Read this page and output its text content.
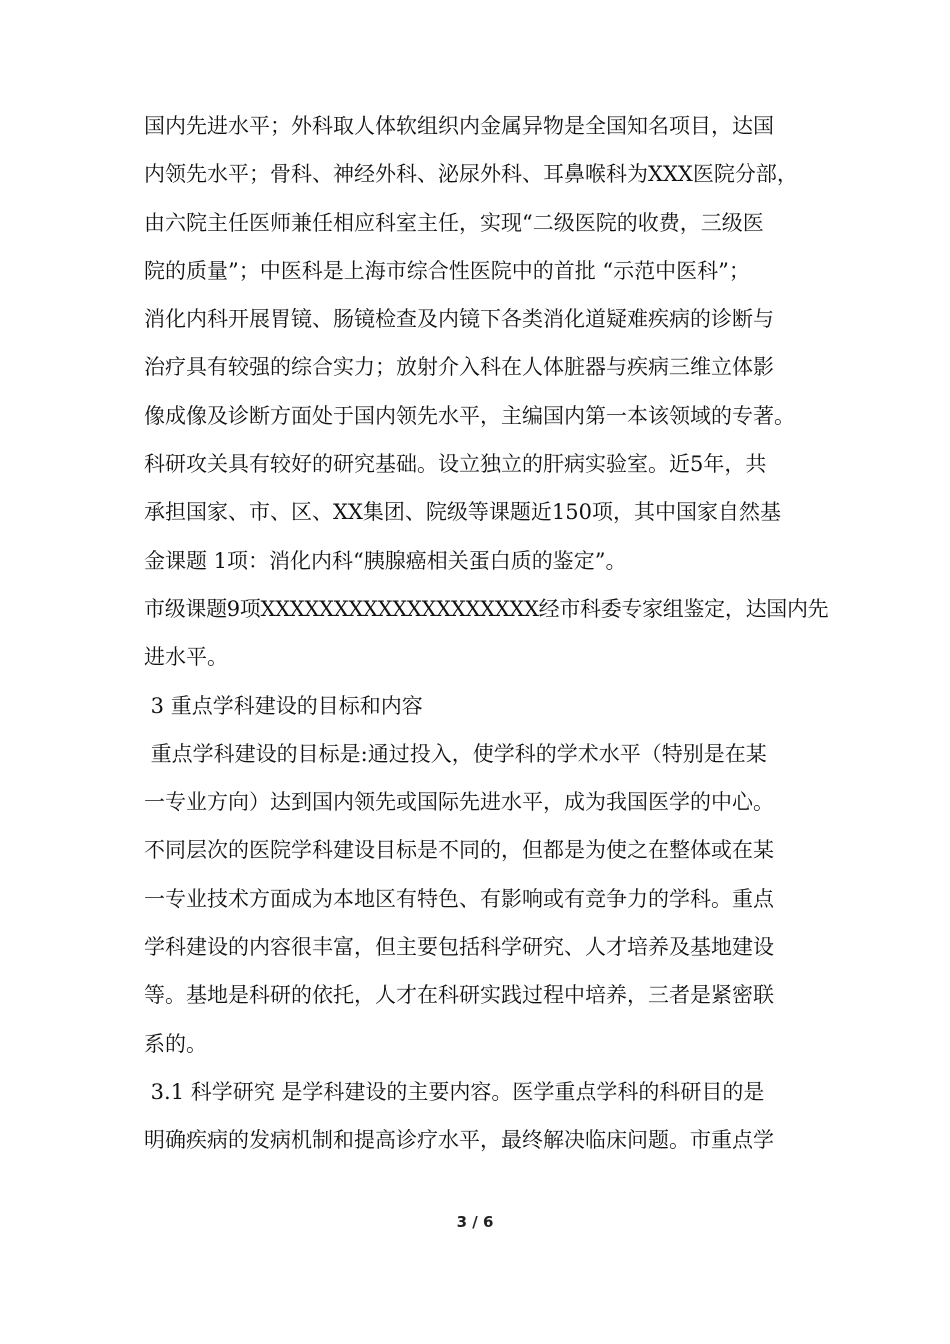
国内先进水平；外科取人体软组织内金属异物是全国知名项目，达国
内领先水平；骨科、神经外科、泌尿外科、耳鼻喉科为XXX医院分部，
由六院主任医师兼任相应科室主任，实现“二级医院的收费，三级医
院的质量”；中医科是上海市综合性医院中的首批 “示范中医科”；
消化内科开展胃镜、肠镜检查及内镜下各类消化道疑难疾病的诊断与
治疗具有较强的综合实力；放射介入科在人体脏器与疾病三维立体影
像成像及诊断方面处于国内领先水平，主编国内第一本该领域的专著。
科研攻关具有较好的研究基础。设立独立的肝病实验室。近5年，共
承担国家、市、区、XX集团、院级等课题近150项，其中国家自然基
金课题 1项：消化内科“胰腺癌相关蛋白质的鉴定”。
市级课题9项XXXXXXXXXXXXXXXXXXX经市科委专家组鉴定，达国内先
进水平。
3 重点学科建设的目标和内容
重点学科建设的目标是:通过投入，使学科的学术水平（特别是在某
一专业方向）达到国内领先或国际先进水平，成为我国医学的中心。
不同层次的医院学科建设目标是不同的，但都是为使之在整体或在某
一专业技术方面成为本地区有特色、有影响或有竞争力的学科。重点
学科建设的内容很丰富，但主要包括科学研究、人才培养及基地建设
等。基地是科研的依托，人才在科研实践过程中培养，三者是紧密联
系的。
3.1 科学研究 是学科建设的主要内容。医学重点学科的科研目的是
明确疾病的发病机制和提高诊疗水平，最终解决临床问题。市重点学
3 / 6
